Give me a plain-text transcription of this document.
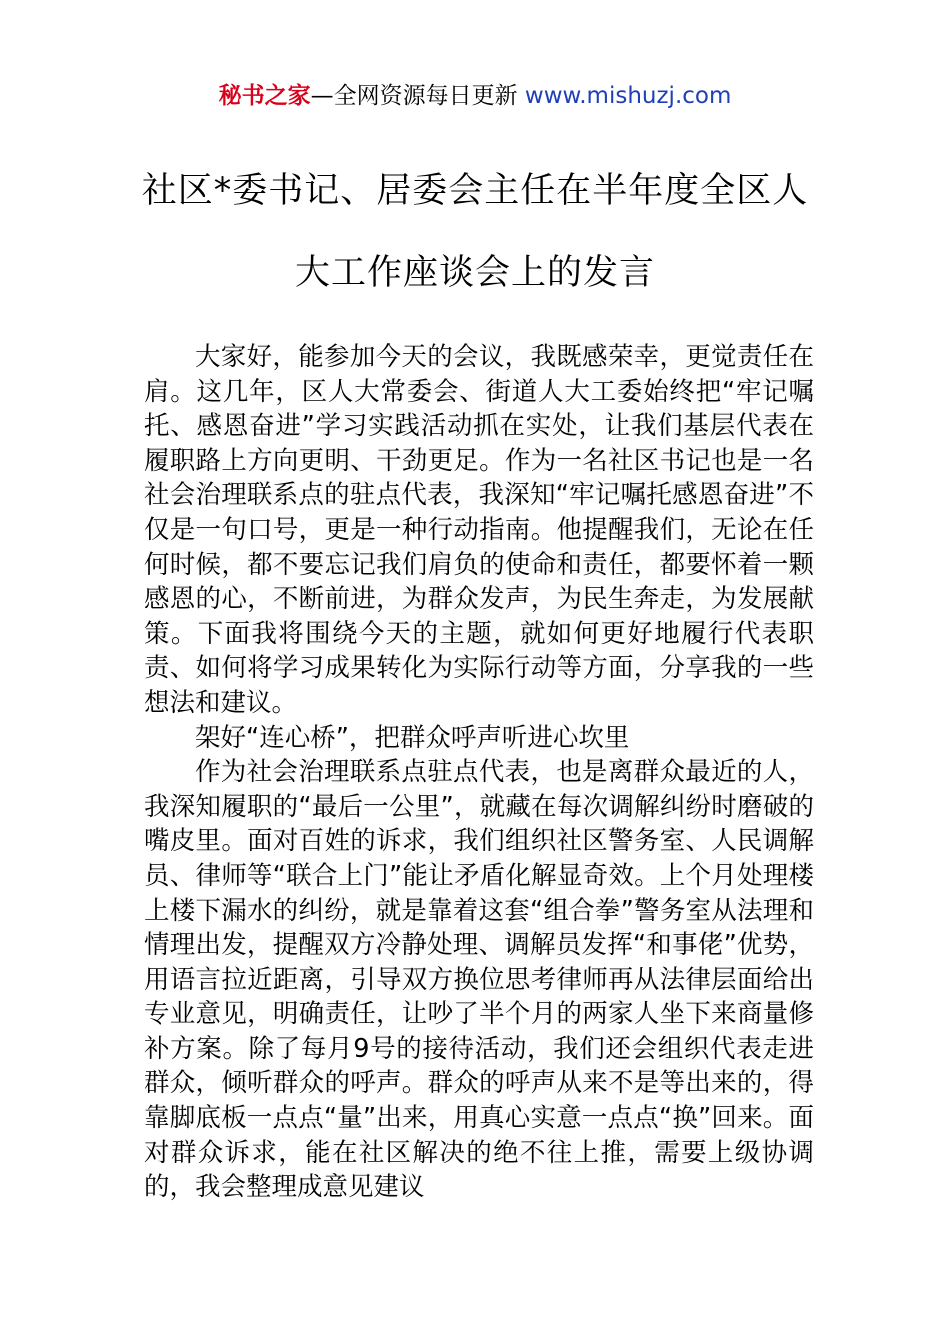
秘书之家—全网资源每日更新 www.mishuzj.com
社区*委书记、居委会主任在半年度全区人
大工作座谈会上的发言

大家好，能参加今天的会议，我既感荣幸，更觉责任在肩。这几年，区人大常委会、街道人大工委始终把“牢记嘱托、感恩奋进”学习实践活动抓在实处，让我们基层代表在履职路上方向更明、干劲更足。作为一名社区书记也是一名社会治理联系点的驻点代表，我深知“牢记嘱托感恩奋进”不仅是一句口号，更是一种行动指南。他提醒我们，无论在任何时候，都不要忘记我们肩负的使命和责任，都要怀着一颗感恩的心，不断前进，为群众发声，为民生奔走，为发展献策。下面我将围绕今天的主题，就如何更好地履行代表职责、如何将学习成果转化为实际行动等方面，分享我的一些想法和建议。

架好“连心桥”，把群众呼声听进心坎里

作为社会治理联系点驻点代表，也是离群众最近的人，我深知履职的“最后一公里”，就藏在每次调解纠纷时磨破的嘴皮里。面对百姓的诉求，我们组织社区警务室、人民调解员、律师等“联合上门”能让矛盾化解显奇效。上个月处理楼上楼下漏水的纠纷，就是靠着这套“组合拳”警务室从法理和情理出发，提醒双方冷静处理、调解员发挥“和事佬”优势，用语言拉近距离，引导双方换位思考律师再从法律层面给出专业意见，明确责任，让吵了半个月的两家人坐下来商量修补方案。除了每月9号的接待活动，我们还会组织代表走进群众，倾听群众的呼声。群众的呼声从来不是等出来的，得靠脚底板一点点“量”出来，用真心实意一点点“换”回来。面对群众诉求，能在社区解决的绝不往上推，需要上级协调的，我会整理成意见建议
